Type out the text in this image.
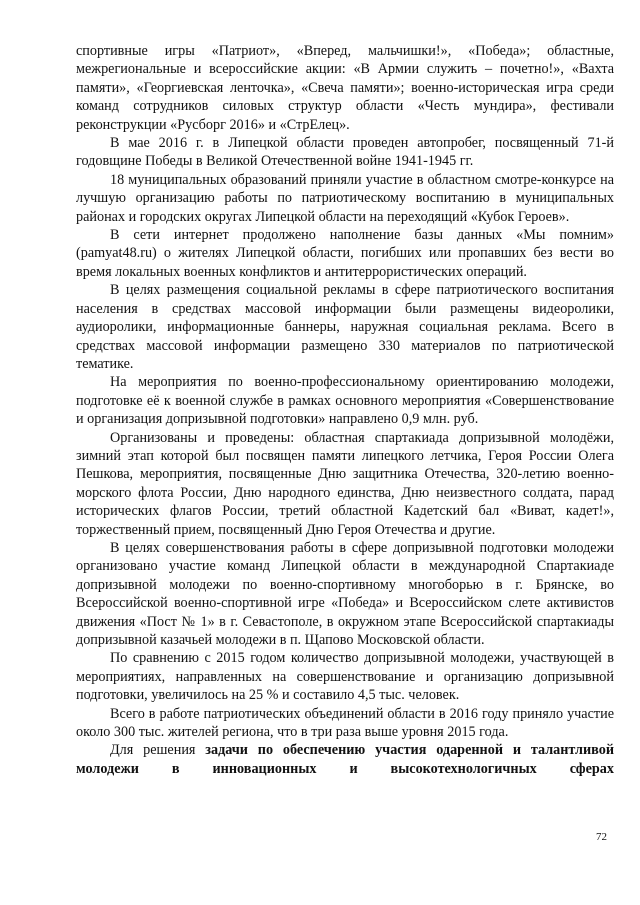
спортивные игры «Патриот», «Вперед, мальчишки!», «Победа»; областные, межрегиональные и всероссийские акции: «В Армии служить – почетно!», «Вахта памяти», «Георгиевская ленточка», «Свеча памяти»; военно-историческая игра среди команд сотрудников силовых структур области «Честь мундира», фестивали реконструкции «Русборг 2016» и «СтрЕлец».

В мае 2016 г. в Липецкой области проведен автопробег, посвященный 71-й годовщине Победы в Великой Отечественной войне 1941-1945 гг.

18 муниципальных образований приняли участие в областном смотре-конкурсе на лучшую организацию работы по патриотическому воспитанию в муниципальных районах и городских округах Липецкой области на переходящий «Кубок Героев».

В сети интернет продолжено наполнение базы данных «Мы помним» (pamyat48.ru) о жителях Липецкой области, погибших или пропавших без вести во время локальных военных конфликтов и антитеррористических операций.

В целях размещения социальной рекламы в сфере патриотического воспитания населения в средствах массовой информации были размещены видеоролики, аудиоролики, информационные баннеры, наружная социальная реклама. Всего в средствах массовой информации размещено 330 материалов по патриотической тематике.

На мероприятия по военно-профессиональному ориентированию молодежи, подготовке её к военной службе в рамках основного мероприятия «Совершенствование и организация допризывной подготовки» направлено 0,9 млн. руб.

Организованы и проведены: областная спартакиада допризывной молодёжи, зимний этап которой был посвящен памяти липецкого летчика, Героя России Олега Пешкова, мероприятия, посвященные Дню защитника Отечества, 320-летию военно-морского флота России, Дню народного единства, Дню неизвестного солдата, парад исторических флагов России, третий областной Кадетский бал «Виват, кадет!», торжественный прием, посвященный Дню Героя Отечества и другие.

В целях совершенствования работы в сфере допризывной подготовки молодежи организовано участие команд Липецкой области в международной Спартакиаде допризывной молодежи по военно-спортивному многоборью в г. Брянске, во Всероссийской военно-спортивной игре «Победа» и Всероссийском слете активистов движения «Пост № 1» в г. Севастополе, в окружном этапе Всероссийской спартакиады допризывной казачьей молодежи в п. Щапово Московской области.

По сравнению с 2015 годом количество допризывной молодежи, участвующей в мероприятиях, направленных на совершенствование и организацию допризывной подготовки, увеличилось на 25 % и составило 4,5 тыс. человек.

Всего в работе патриотических объединений области в 2016 году приняло участие около 300 тыс. жителей региона, что в три раза выше уровня 2015 года.

Для решения задачи по обеспечению участия одаренной и талантливой молодежи в инновационных и высокотехнологичных сферах

72
